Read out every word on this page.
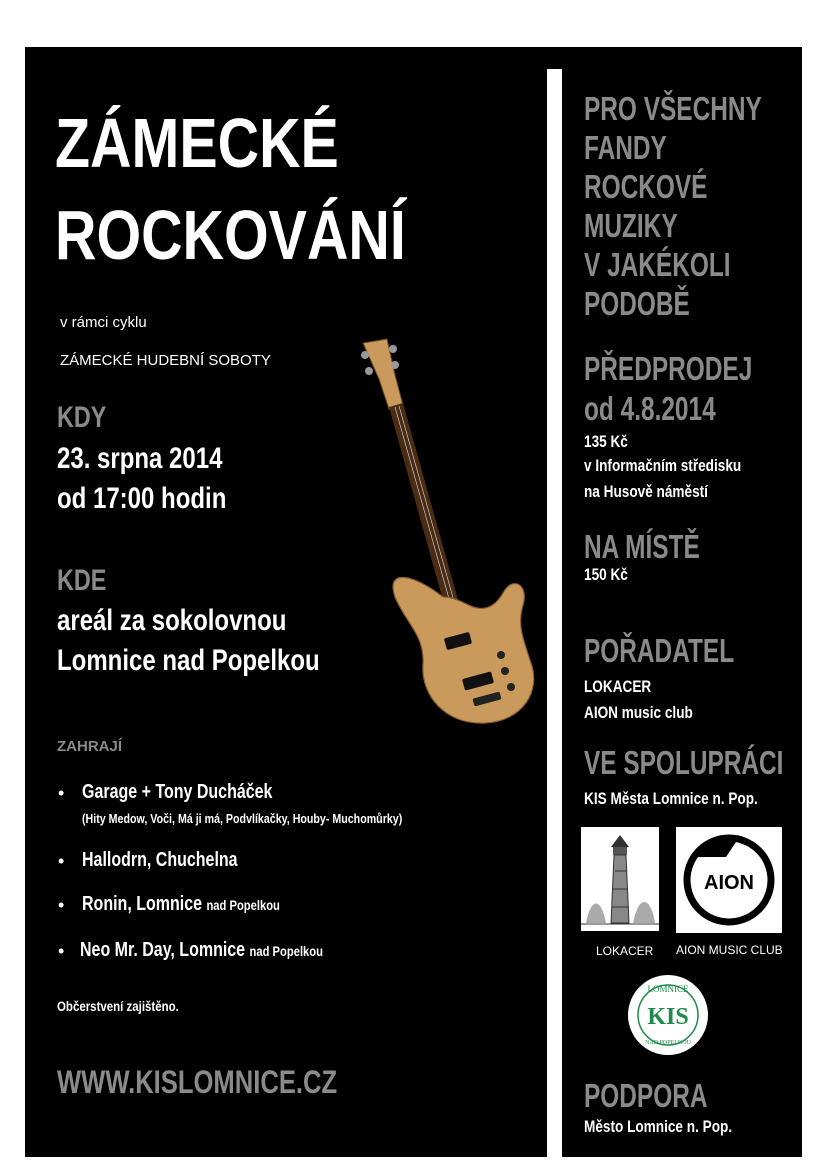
ZÁMECKÉ
ROCKOVÁNÍ
v rámci cyklu
ZÁMECKÉ HUDEBNÍ SOBOTY
KDY
23. srpna 2014
od 17:00 hodin
KDE
areál za sokolovnou
Lomnice nad Popelkou
ZAHRAJÍ
• Garage + Tony Ducháček
(Hity Medow, Voči, Má ji má, Podvlíkačky, Houby- Muchomůrky)
• Hallodrn, Chuchelna
• Ronin, Lomnice nad Popelkou
• Neo Mr. Day, Lomnice nad Popelkou
Občerstvení zajištěno.
WWW.KISLOMNICE.CZ
PRO VŠECHNY
FANDY
ROCKOVÉ
MUZIKY
V JAKÉKOLI
PODOBĚ
PŘEDPRODEJ
od 4.8.2014
135 Kč
v Informačním středisku
na Husově náměstí
NA MÍSTĚ
150 Kč
POŘADATEL
LOKACER
AION music club
VE SPOLUPRÁCI
KIS Města Lomnice n. Pop.
AION
LOKACER AION MUSIC CLUB
LOMNICE
KIS
NAD POPELKOU
PODPORA
Město Lomnice n. Pop.
